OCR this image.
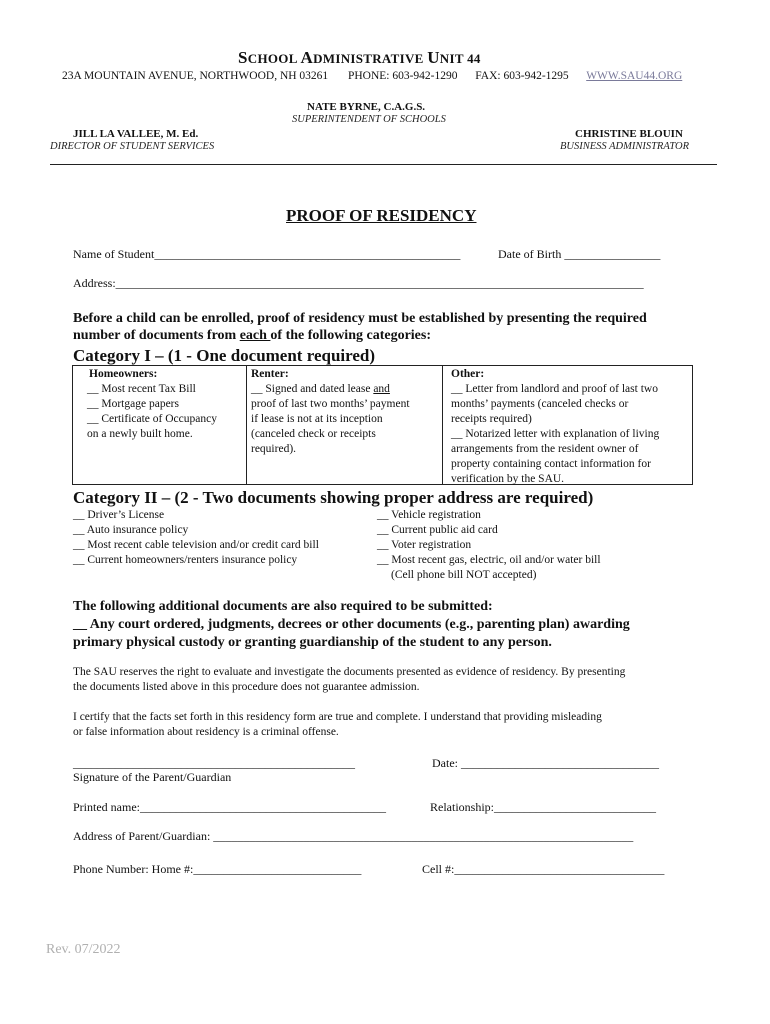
SCHOOL ADMINISTRATIVE UNIT 44
23A MOUNTAIN AVENUE, NORTHWOOD, NH 03261 PHONE: 603-942-1290 FAX: 603-942-1295 WWW.SAU44.ORG
NATE BYRNE, C.A.G.S.
SUPERINTENDENT OF SCHOOLS
JILL LA VALLEE, M. Ed.
DIRECTOR OF STUDENT SERVICES
CHRISTINE BLOUIN
BUSINESS ADMINISTRATOR
PROOF OF RESIDENCY
Name of Student___________________________________________________	Date of Birth ________________
Address:________________________________________________________________________________________
Before a child can be enrolled, proof of residency must be established by presenting the required
number of documents from each of the following categories:
Category I – (1 - One document required)
Homeowners:
__ Most recent Tax Bill
__ Mortgage papers
__ Certificate of Occupancy
on a newly built home.
Renter:
__ Signed and dated lease and
proof of last two months’ payment
if lease is not at its inception
(canceled check or receipts
required).
Other:
__ Letter from landlord and proof of last two
months’ payments (canceled checks or
receipts required)
__ Notarized letter with explanation of living
arrangements from the resident owner of
property containing contact information for
verification by the SAU.
Category II – (2 - Two documents showing proper address are required)
__ Driver’s License
__ Auto insurance policy
__ Most recent cable television and/or credit card bill
__ Current homeowners/renters insurance policy
__ Vehicle registration
__ Current public aid card
__ Voter registration
__ Most recent gas, electric, oil and/or water bill
(Cell phone bill NOT accepted)
The following additional documents are also required to be submitted:
__ Any court ordered, judgments, decrees or other documents (e.g., parenting plan) awarding
primary physical custody or granting guardianship of the student to any person.
The SAU reserves the right to evaluate and investigate the documents presented as evidence of residency. By presenting
the documents listed above in this procedure does not guarantee admission.
I certify that the facts set forth in this residency form are true and complete. I understand that providing misleading
or false information about residency is a criminal offense.
_______________________________________________
Signature of the Parent/Guardian
Date: _________________________________
Printed name:_________________________________________	Relationship:___________________________
Address of Parent/Guardian: ______________________________________________________________________
Phone Number: Home #:____________________________	Cell #:___________________________________
Rev. 07/2022
